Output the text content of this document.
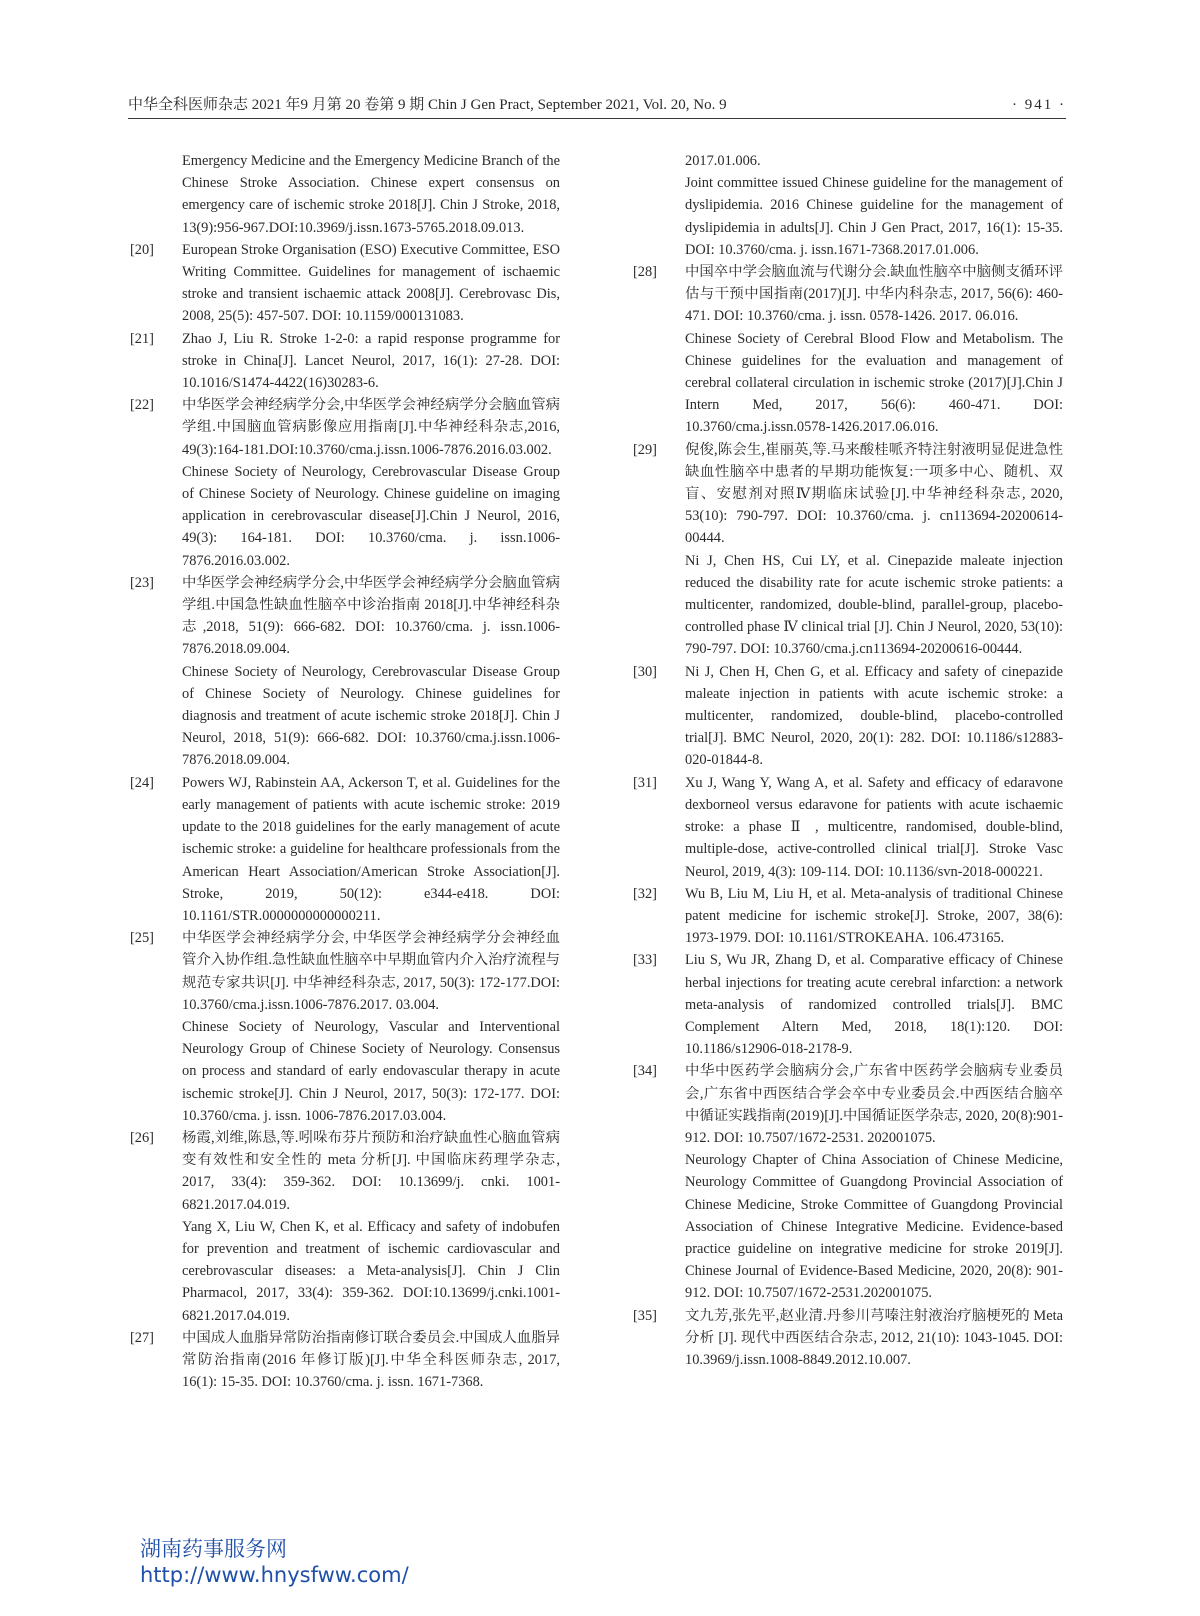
中华全科医师杂志 2021 年9 月第 20 卷第 9 期 Chin J Gen Pract, September 2021, Vol. 20, No. 9	· 941 ·
Emergency Medicine and the Emergency Medicine Branch of the Chinese Stroke Association. Chinese expert consensus on emergency care of ischemic stroke 2018[J]. Chin J Stroke, 2018, 13(9):956-967.DOI:10.3969/j.issn.1673-5765.2018.09.013.
[20] European Stroke Organisation (ESO) Executive Committee, ESO Writing Committee. Guidelines for management of ischaemic stroke and transient ischaemic attack 2008[J]. Cerebrovasc Dis, 2008, 25(5): 457-507. DOI: 10.1159/000131083.
[21] Zhao J, Liu R. Stroke 1-2-0: a rapid response programme for stroke in China[J]. Lancet Neurol, 2017, 16(1): 27-28. DOI: 10.1016/S1474-4422(16)30283-6.
[22] 中华医学会神经病学分会,中华医学会神经病学分会脑血管病学组.中国脑血管病影像应用指南[J].中华神经科杂志,2016, 49(3):164-181.DOI:10.3760/cma.j.issn.1006-7876.2016.03.002.
Chinese Society of Neurology, Cerebrovascular Disease Group of Chinese Society of Neurology. Chinese guideline on imaging application in cerebrovascular disease[J].Chin J Neurol, 2016, 49(3): 164-181. DOI: 10.3760/cma. j. issn.1006-7876.2016.03.002.
[23] 中华医学会神经病学分会,中华医学会神经病学分会脑血管病学组.中国急性缺血性脑卒中诊治指南 2018[J].中华神经科杂志,2018, 51(9): 666-682. DOI: 10.3760/cma. j. issn.1006-7876.2018.09.004.
Chinese Society of Neurology, Cerebrovascular Disease Group of Chinese Society of Neurology. Chinese guidelines for diagnosis and treatment of acute ischemic stroke 2018[J]. Chin J Neurol, 2018, 51(9): 666-682. DOI: 10.3760/cma.j.issn.1006-7876.2018.09.004.
[24] Powers WJ, Rabinstein AA, Ackerson T, et al. Guidelines for the early management of patients with acute ischemic stroke: 2019 update to the 2018 guidelines for the early management of acute ischemic stroke: a guideline for healthcare professionals from the American Heart Association/American Stroke Association[J]. Stroke, 2019, 50(12): e344-e418. DOI: 10.1161/STR.0000000000000211.
[25] 中华医学会神经病学分会, 中华医学会神经病学分会神经血管介入协作组.急性缺血性脑卒中早期血管内介入治疗流程与规范专家共识[J]. 中华神经科杂志, 2017, 50(3): 172-177.DOI: 10.3760/cma.j.issn.1006-7876.2017. 03.004.
Chinese Society of Neurology, Vascular and Interventional Neurology Group of Chinese Society of Neurology. Consensus on process and standard of early endovascular therapy in acute ischemic stroke[J]. Chin J Neurol, 2017, 50(3): 172-177. DOI: 10.3760/cma. j. issn. 1006-7876.2017.03.004.
[26] 杨霞,刘维,陈恳,等.吲哚布芬片预防和治疗缺血性心脑血管病变有效性和安全性的 meta 分析[J]. 中国临床药理学杂志, 2017, 33(4): 359-362. DOI: 10.13699/j. cnki. 1001-6821.2017.04.019.
Yang X, Liu W, Chen K, et al. Efficacy and safety of indobufen for prevention and treatment of ischemic cardiovascular and cerebrovascular diseases: a Meta-analysis[J]. Chin J Clin Pharmacol, 2017, 33(4): 359-362. DOI:10.13699/j.cnki.1001-6821.2017.04.019.
[27] 中国成人血脂异常防治指南修订联合委员会.中国成人血脂异常防治指南(2016 年修订版)[J].中华全科医师杂志, 2017, 16(1): 15-35. DOI: 10.3760/cma. j. issn. 1671-7368.
2017.01.006.
Joint committee issued Chinese guideline for the management of dyslipidemia. 2016 Chinese guideline for the management of dyslipidemia in adults[J]. Chin J Gen Pract, 2017, 16(1): 15-35. DOI: 10.3760/cma. j. issn.1671-7368.2017.01.006.
[28] 中国卒中学会脑血流与代谢分会.缺血性脑卒中脑侧支循环评估与干预中国指南(2017)[J]. 中华内科杂志, 2017, 56(6): 460-471. DOI: 10.3760/cma. j. issn. 0578-1426. 2017. 06.016.
Chinese Society of Cerebral Blood Flow and Metabolism. The Chinese guidelines for the evaluation and management of cerebral collateral circulation in ischemic stroke (2017)[J].Chin J Intern Med, 2017, 56(6): 460-471. DOI: 10.3760/cma.j.issn.0578-1426.2017.06.016.
[29] 倪俊,陈会生,崔丽英,等.马来酸桂哌齐特注射液明显促进急性缺血性脑卒中患者的早期功能恢复:一项多中心、随机、双盲、安慰剂对照Ⅳ期临床试验[J].中华神经科杂志, 2020, 53(10): 790-797. DOI: 10.3760/cma. j. cn113694-20200614-00444.
Ni J, Chen HS, Cui LY, et al. Cinepazide maleate injection reduced the disability rate for acute ischemic stroke patients: a multicenter, randomized, double-blind, parallel-group, placebo-controlled phase Ⅳ clinical trial [J]. Chin J Neurol, 2020, 53(10): 790-797. DOI: 10.3760/cma.j.cn113694-20200616-00444.
[30] Ni J, Chen H, Chen G, et al. Efficacy and safety of cinepazide maleate injection in patients with acute ischemic stroke: a multicenter, randomized, double-blind, placebo-controlled trial[J]. BMC Neurol, 2020, 20(1): 282. DOI: 10.1186/s12883-020-01844-8.
[31] Xu J, Wang Y, Wang A, et al. Safety and efficacy of edaravone dexborneol versus edaravone for patients with acute ischaemic stroke: a phase Ⅱ , multicentre, randomised, double-blind, multiple-dose, active-controlled clinical trial[J]. Stroke Vasc Neurol, 2019, 4(3): 109-114. DOI: 10.1136/svn-2018-000221.
[32] Wu B, Liu M, Liu H, et al. Meta-analysis of traditional Chinese patent medicine for ischemic stroke[J]. Stroke, 2007, 38(6): 1973-1979. DOI: 10.1161/STROKEAHA. 106.473165.
[33] Liu S, Wu JR, Zhang D, et al. Comparative efficacy of Chinese herbal injections for treating acute cerebral infarction: a network meta-analysis of randomized controlled trials[J]. BMC Complement Altern Med, 2018, 18(1):120. DOI: 10.1186/s12906-018-2178-9.
[34] 中华中医药学会脑病分会,广东省中医药学会脑病专业委员会,广东省中西医结合学会卒中专业委员会.中西医结合脑卒中循证实践指南(2019)[J].中国循证医学杂志, 2020, 20(8):901-912. DOI: 10.7507/1672-2531. 202001075.
Neurology Chapter of China Association of Chinese Medicine, Neurology Committee of Guangdong Provincial Association of Chinese Medicine, Stroke Committee of Guangdong Provincial Association of Chinese Integrative Medicine. Evidence-based practice guideline on integrative medicine for stroke 2019[J]. Chinese Journal of Evidence-Based Medicine, 2020, 20(8): 901-912. DOI: 10.7507/1672-2531.202001075.
[35] 文九芳,张先平,赵业清.丹参川芎嗪注射液治疗脑梗死的 Meta 分析 [J]. 现代中西医结合杂志, 2012, 21(10): 1043-1045. DOI: 10.3969/j.issn.1008-8849.2012.10.007.
湖南药事服务网
http://www.hnysfww.com/
